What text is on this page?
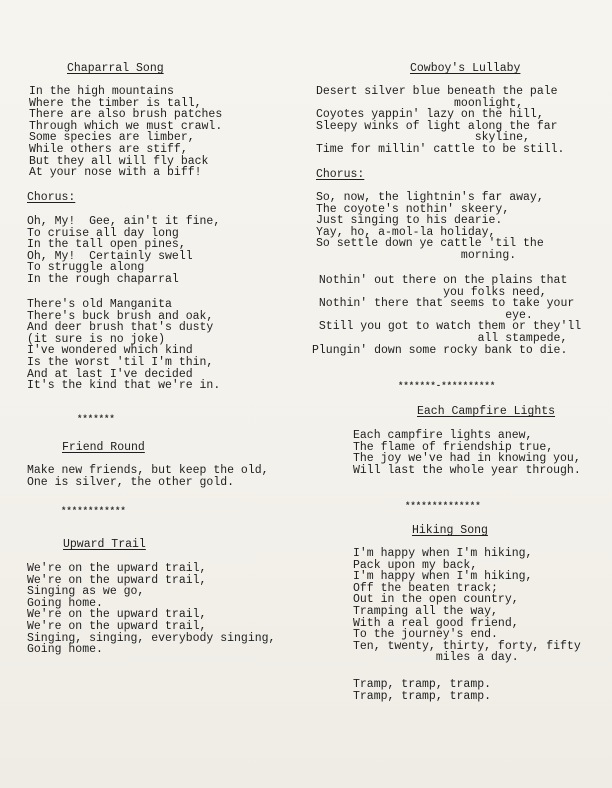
Chaparral Song
In the high mountains
Where the timber is tall,
There are also brush patches
Through which we must crawl.
Some species are limber,
While others are stiff,
But they all will fly back
At your nose with a biff!
Chorus:
Oh, My!  Gee, ain't it fine,
To cruise all day long
In the tall open pines,
Oh, My!  Certainly swell
To struggle along
In the rough chaparral
There's old Manganita
There's buck brush and oak,
And deer brush that's dusty
(it sure is no joke)
I've wondered which kind
Is the worst 'til I'm thin,
And at last I've decided
It's the kind that we're in.
*******
Friend Round
Make new friends, but keep the old,
One is silver, the other gold.
************
Upward Trail
We're on the upward trail,
We're on the upward trail,
Singing as we go,
Going home.
We're on the upward trail,
We're on the upward trail,
Singing, singing, everybody singing,
Going home.
Cowboy's Lullaby
Desert silver blue beneath the pale
moonlight,
Coyotes yappin' lazy on the hill,
Sleepy winks of light along the far
skyline,
Time for millin' cattle to be still.
Chorus:
So, now, the lightnin's far away,
The coyote's nothin' skeery,
Just singing to his dearie.
Yay, ho, a-mol-la holiday,
So settle down ye cattle 'til the
morning.
Nothin' out there on the plains that
you folks need,
Nothin' there that seems to take your
eye.
Still you got to watch them or they'll
all stampede,
Plungin' down some rocky bank to die.
*******-**********
Each Campfire Lights
Each campfire lights anew,
The flame of friendship true,
The joy we've had in knowing you,
Will last the whole year through.
**************
Hiking Song
I'm happy when I'm hiking,
Pack upon my back,
I'm happy when I'm hiking,
Off the beaten track;
Out in the open country,
Tramping all the way,
With a real good friend,
To the journey's end.
Ten, twenty, thirty, forty, fifty
miles a day.
Tramp, tramp, tramp.
Tramp, tramp, tramp.
